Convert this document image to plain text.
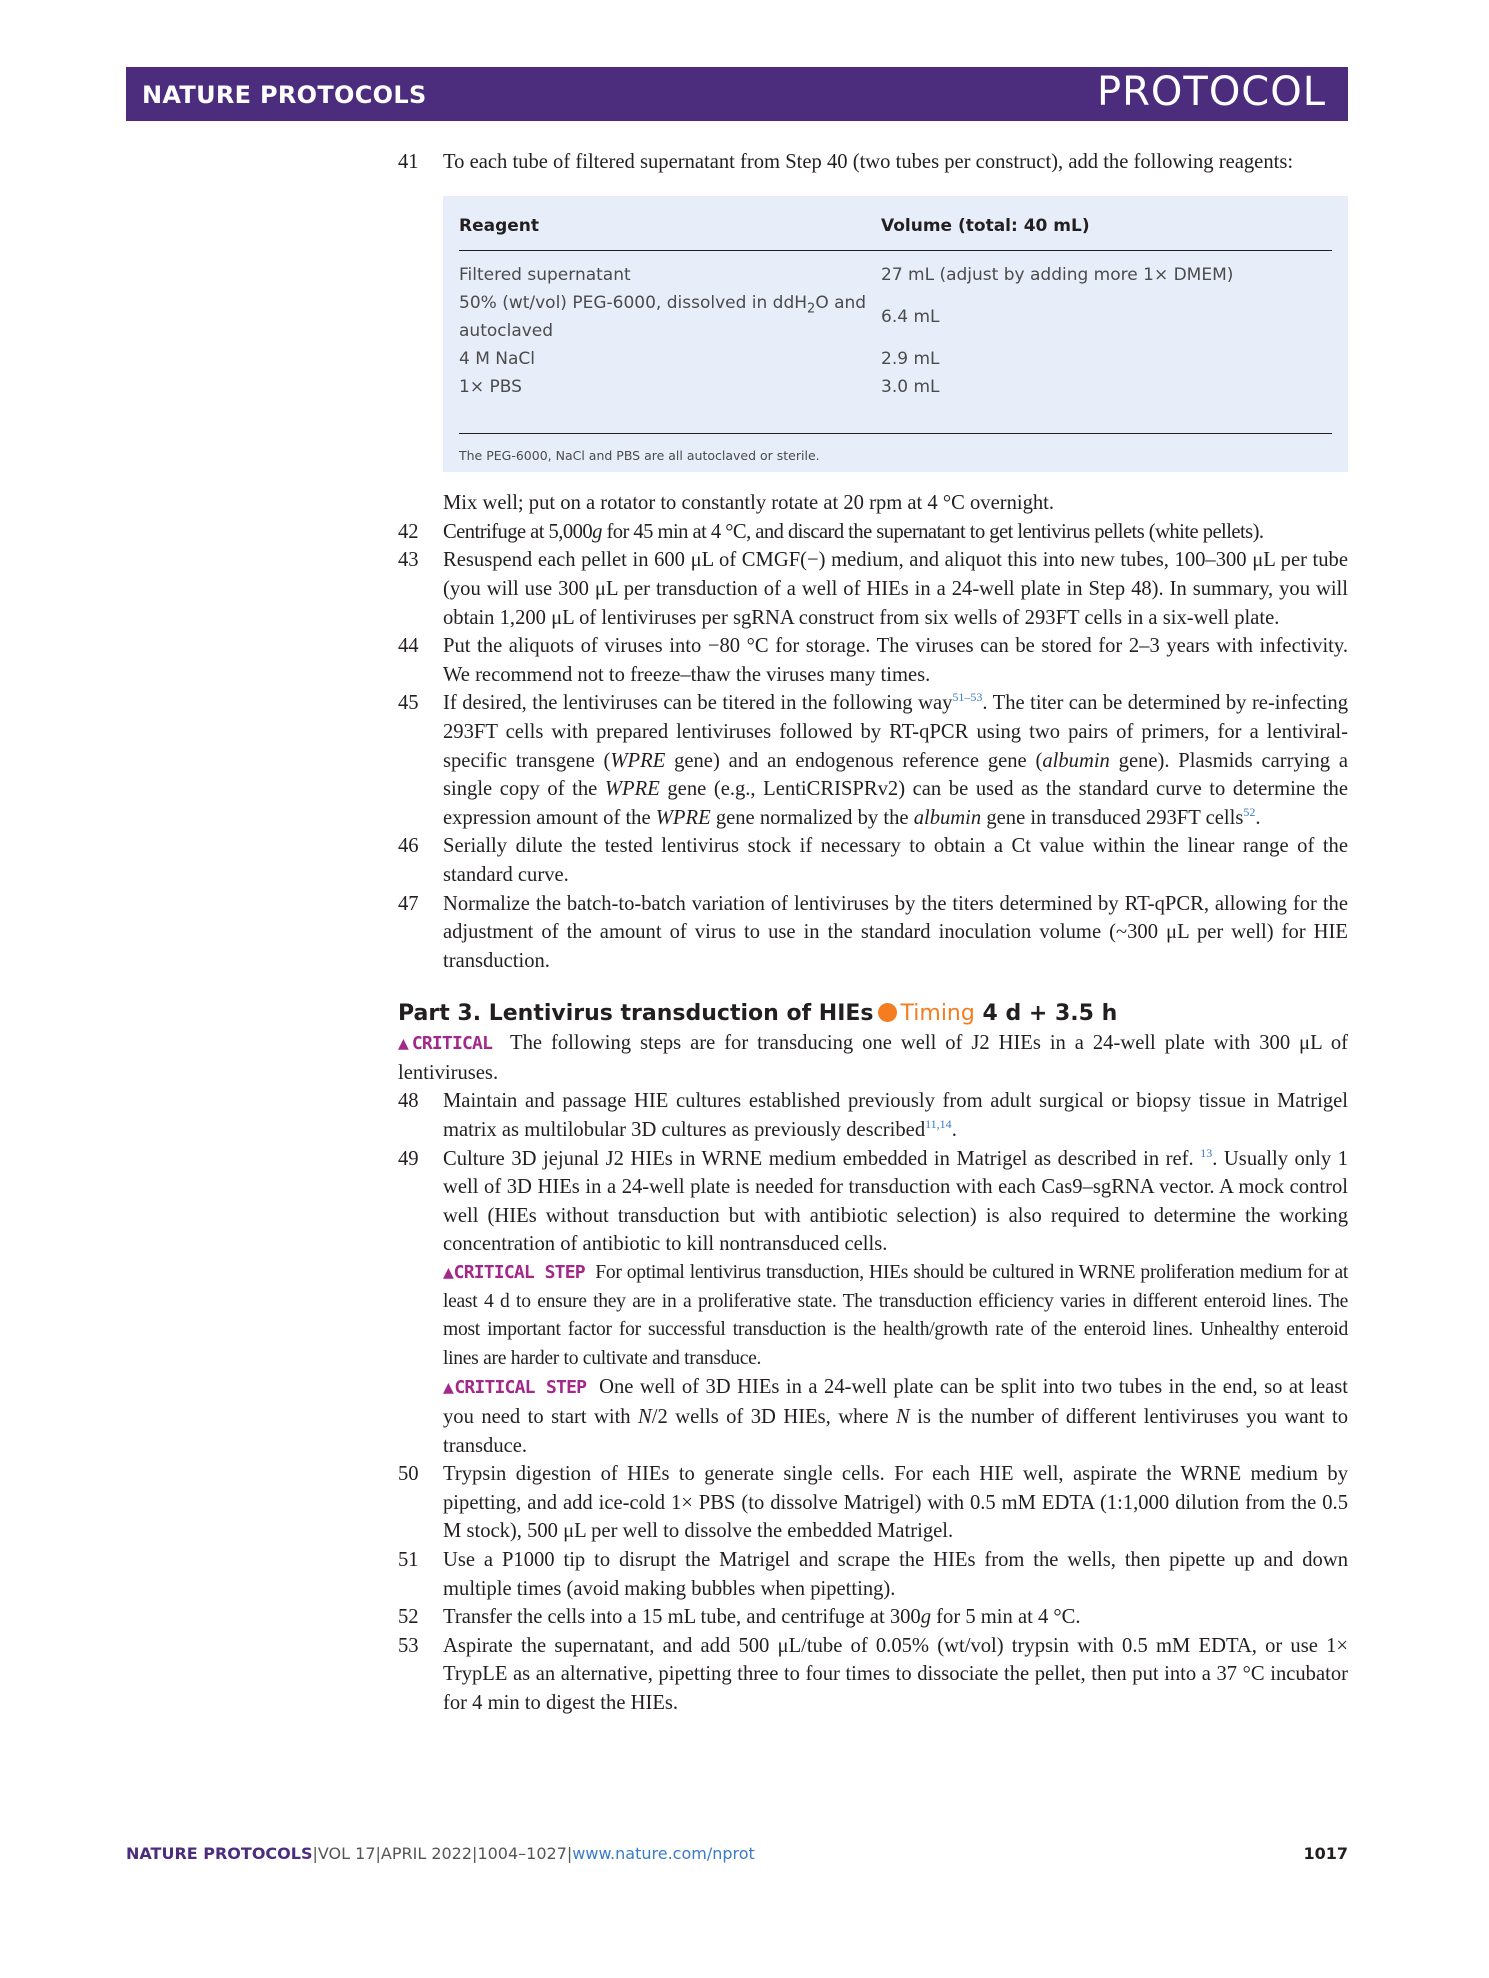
NATURE PROTOCOLS	PROTOCOL
41 To each tube of filtered supernatant from Step 40 (two tubes per construct), add the following reagents:

Reagent	Volume (total: 40 mL)
Filtered supernatant	27 mL (adjust by adding more 1× DMEM)
50% (wt/vol) PEG-6000, dissolved in ddH$_2$O and autoclaved	6.4 mL
4 M NaCl	2.9 mL
1× PBS	3.0 mL
The PEG-6000, NaCl and PBS are all autoclaved or sterile.
Mix well; put on a rotator to constantly rotate at 20 rpm at 4 °C overnight.
42 Centrifuge at 5,000g for 45 min at 4 °C, and discard the supernatant to get lentivirus pellets (white pellets).

43 Resuspend each pellet in 600 μL of CMGF(−) medium, and aliquot this into new tubes, 100–300 μL per tube (you will use 300 μL per transduction of a well of HIEs in a 24-well plate in Step 48). In summary, you will obtain 1,200 μL of lentiviruses per sgRNA construct from six wells of 293FT cells in a six-well plate.

44 Put the aliquots of viruses into −80 °C for storage. The viruses can be stored for 2–3 years with infectivity. We recommend not to freeze–thaw the viruses many times.

45 If desired, the lentiviruses can be titered in the following way$^{51-53}$. The titer can be determined by re-infecting 293FT cells with prepared lentiviruses followed by RT-qPCR using two pairs of primers, for a lentiviral-specific transgene (WPRE gene) and an endogenous reference gene (albumin gene). Plasmids carrying a single copy of the WPRE gene (e.g., LentiCRISPRv2) can be used as the standard curve to determine the expression amount of the WPRE gene normalized by the albumin gene in transduced 293FT cells$^{52}$.

46 Serially dilute the tested lentivirus stock if necessary to obtain a Ct value within the linear range of the standard curve.

47 Normalize the batch-to-batch variation of lentiviruses by the titers determined by RT-qPCR, allowing for the adjustment of the amount of virus to use in the standard inoculation volume (~300 μL per well) for HIE transduction.

Part 3. Lentivirus transduction of HIEs Timing 4 d + 3.5 h
▲CRITICAL The following steps are for transducing one well of J2 HIEs in a 24-well plate with 300 μL of lentiviruses.
48 Maintain and passage HIE cultures established previously from adult surgical or biopsy tissue in Matrigel matrix as multilobular 3D cultures as previously described$^{11,14}$.

49 Culture 3D jejunal J2 HIEs in WRNE medium embedded in Matrigel as described in ref. $^{13}$. Usually only 1 well of 3D HIEs in a 24-well plate is needed for transduction with each Cas9–sgRNA vector. A mock control well (HIEs without transduction but with antibiotic selection) is also required to determine the working concentration of antibiotic to kill nontransduced cells.

▲CRITICAL STEP For optimal lentivirus transduction, HIEs should be cultured in WRNE proliferation medium for at least 4 d to ensure they are in a proliferative state. The transduction efficiency varies in different enteroid lines. The most important factor for successful transduction is the health/growth rate of the enteroid lines. Unhealthy enteroid lines are harder to cultivate and transduce.

▲CRITICAL STEP One well of 3D HIEs in a 24-well plate can be split into two tubes in the end, so at least you need to start with N/2 wells of 3D HIEs, where N is the number of different lentiviruses you want to transduce.

50 Trypsin digestion of HIEs to generate single cells. For each HIE well, aspirate the WRNE medium by pipetting, and add ice-cold 1× PBS (to dissolve Matrigel) with 0.5 mM EDTA (1:1,000 dilution from the 0.5 M stock), 500 μL per well to dissolve the embedded Matrigel.

51 Use a P1000 tip to disrupt the Matrigel and scrape the HIEs from the wells, then pipette up and down multiple times (avoid making bubbles when pipetting).

52 Transfer the cells into a 15 mL tube, and centrifuge at 300g for 5 min at 4 °C.

53 Aspirate the supernatant, and add 500 μL/tube of 0.05% (wt/vol) trypsin with 0.5 mM EDTA, or use 1× TrypLE as an alternative, pipetting three to four times to dissociate the pellet, then put into a 37 °C incubator for 4 min to digest the HIEs.

NATURE PROTOCOLS|VOL 17|APRIL 2022|1004–1027|www.nature.com/nprot	1017
